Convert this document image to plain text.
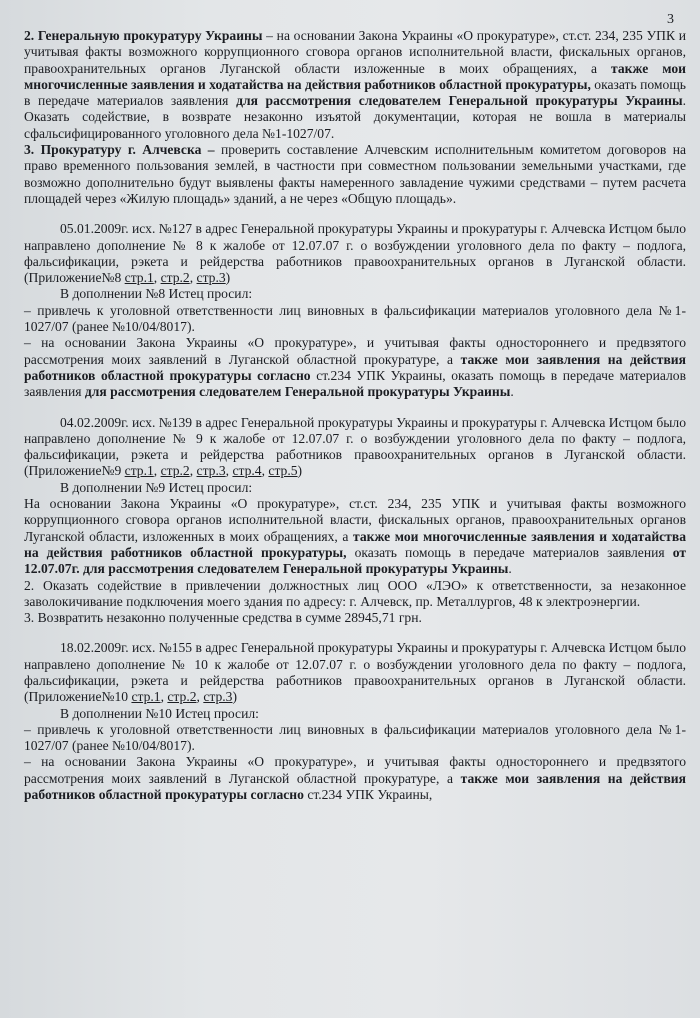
3

2. Генеральную прокуратуру Украины – на основании Закона Украины «О прокуратуре», ст.ст. 234, 235 УПК и учитывая факты возможного коррупционного сговора органов исполнительной власти, фискальных органов, правоохранительных органов Луганской области изложенные в моих обращениях, а также мои многочисленные заявления и ходатайства на действия работников областной прокуратуры, оказать помощь в передаче материалов заявления для рассмотрения следователем Генеральной прокуратуры Украины. Оказать содействие, в возврате незаконно изъятой документации, которая не вошла в материалы сфальсифицированного уголовного дела №1-1027/07.

3. Прокуратуру г. Алчевска – проверить составление Алчевским исполнительным комитетом договоров на право временного пользования землей, в частности при совместном пользовании земельными участками, где возможно дополнительно будут выявлены факты намеренного завладение чужими средствами – путем расчета площадей через «Жилую площадь» зданий, а не через «Общую площадь».

05.01.2009г. исх. №127 в адрес Генеральной прокуратуры Украины и прокуратуры г. Алчевска Истцом было направлено дополнение № 8 к жалобе от 12.07.07 г. о возбуждении уголовного дела по факту – подлога, фальсификации, рэкета и рейдерства работников правоохранительных органов в Луганской области. (Приложение№8 стр.1, стр.2, стр.3)

В дополнении №8 Истец просил:

– привлечь к уголовной ответственности лиц виновных в фальсификации материалов уголовного дела №1-1027/07 (ранее №10/04/8017).

– на основании Закона Украины «О прокуратуре», и учитывая факты одностороннего и предвзятого рассмотрения моих заявлений в Луганской областной прокуратуре, а также мои заявления на действия работников областной прокуратуры согласно ст.234 УПК Украины, оказать помощь в передаче материалов заявления для рассмотрения следователем Генеральной прокуратуры Украины.

04.02.2009г. исх. №139 в адрес Генеральной прокуратуры Украины и прокуратуры г. Алчевска Истцом было направлено дополнение № 9 к жалобе от 12.07.07 г. о возбуждении уголовного дела по факту – подлога, фальсификации, рэкета и рейдерства работников правоохранительных органов в Луганской области. (Приложение№9 стр.1, стр.2, стр.3, стр.4, стр.5)

В дополнении №9 Истец просил:

На основании Закона Украины «О прокуратуре», ст.ст. 234, 235 УПК и учитывая факты возможного коррупционного сговора органов исполнительной власти, фискальных органов, правоохранительных органов Луганской области, изложенных в моих обращениях, а также мои многочисленные заявления и ходатайства на действия работников областной прокуратуры, оказать помощь в передаче материалов заявления от 12.07.07г. для рассмотрения следователем Генеральной прокуратуры Украины.

2. Оказать содействие в привлечении должностных лиц ООО «ЛЭО» к ответственности, за незаконное заволокичивание подключения моего здания по адресу: г. Алчевск, пр. Металлургов, 48 к электроэнергии.

3. Возвратить незаконно полученные средства в сумме 28945,71 грн.

18.02.2009г. исх. №155 в адрес Генеральной прокуратуры Украины и прокуратуры г. Алчевска Истцом было направлено дополнение № 10 к жалобе от 12.07.07 г. о возбуждении уголовного дела по факту – подлога, фальсификации, рэкета и рейдерства работников правоохранительных органов в Луганской области. (Приложение№10 стр.1, стр.2, стр.3)

В дополнении №10 Истец просил:

– привлечь к уголовной ответственности лиц виновных в фальсификации материалов уголовного дела №1-1027/07 (ранее №10/04/8017).

– на основании Закона Украины «О прокуратуре», и учитывая факты одностороннего и предвзятого рассмотрения моих заявлений в Луганской областной прокуратуре, а также мои заявления на действия работников областной прокуратуры согласно ст.234 УПК Украины,
